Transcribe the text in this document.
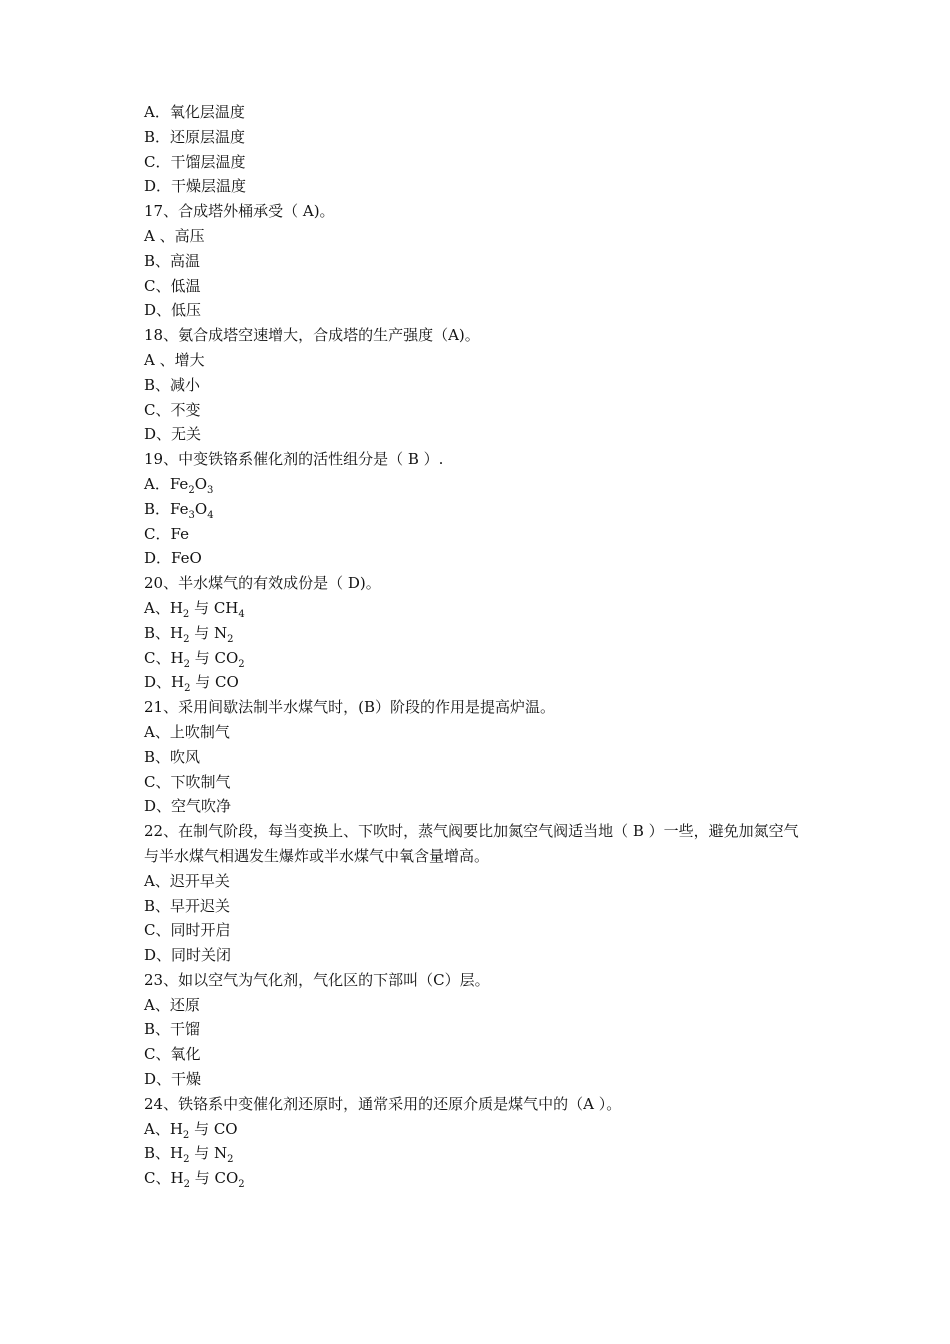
A．氧化层温度
B．还原层温度
C．干馏层温度
D．干燥层温度
17、合成塔外桶承受（ A)。
A 、高压
B、高温
C、低温
D、低压
18、氨合成塔空速增大，合成塔的生产强度（A)。
A 、增大
B、减小
C、不变
D、无关
19、中变铁铬系催化剂的活性组分是（ B ）.
A．$Fe_2O_3$
B．$Fe_3O_4$
C．Fe
D．FeO
20、半水煤气的有效成份是（ D)。
A、$H_2$ 与 $CH_4$
B、$H_2$ 与 $N_2$
C、$H_2$ 与 $CO_2$
D、$H_2$ 与 CO
21、采用间歇法制半水煤气时，(B）阶段的作用是提高炉温。
A、上吹制气
B、吹风
C、下吹制气
D、空气吹净
22、在制气阶段，每当变换上、下吹时，蒸气阀要比加氮空气阀适当地（ B ）一些，避免加氮空气与半水煤气相遇发生爆炸或半水煤气中氧含量增高。
A、迟开早关
B、早开迟关
C、同时开启
D、同时关闭
23、如以空气为气化剂，气化区的下部叫（C）层。
A、还原
B、干馏
C、氧化
D、干燥
24、铁铬系中变催化剂还原时，通常采用的还原介质是煤气中的（A ）。
A、$H_2$ 与 CO
B、$H_2$ 与 $N_2$
C、$H_2$ 与 $CO_2$
